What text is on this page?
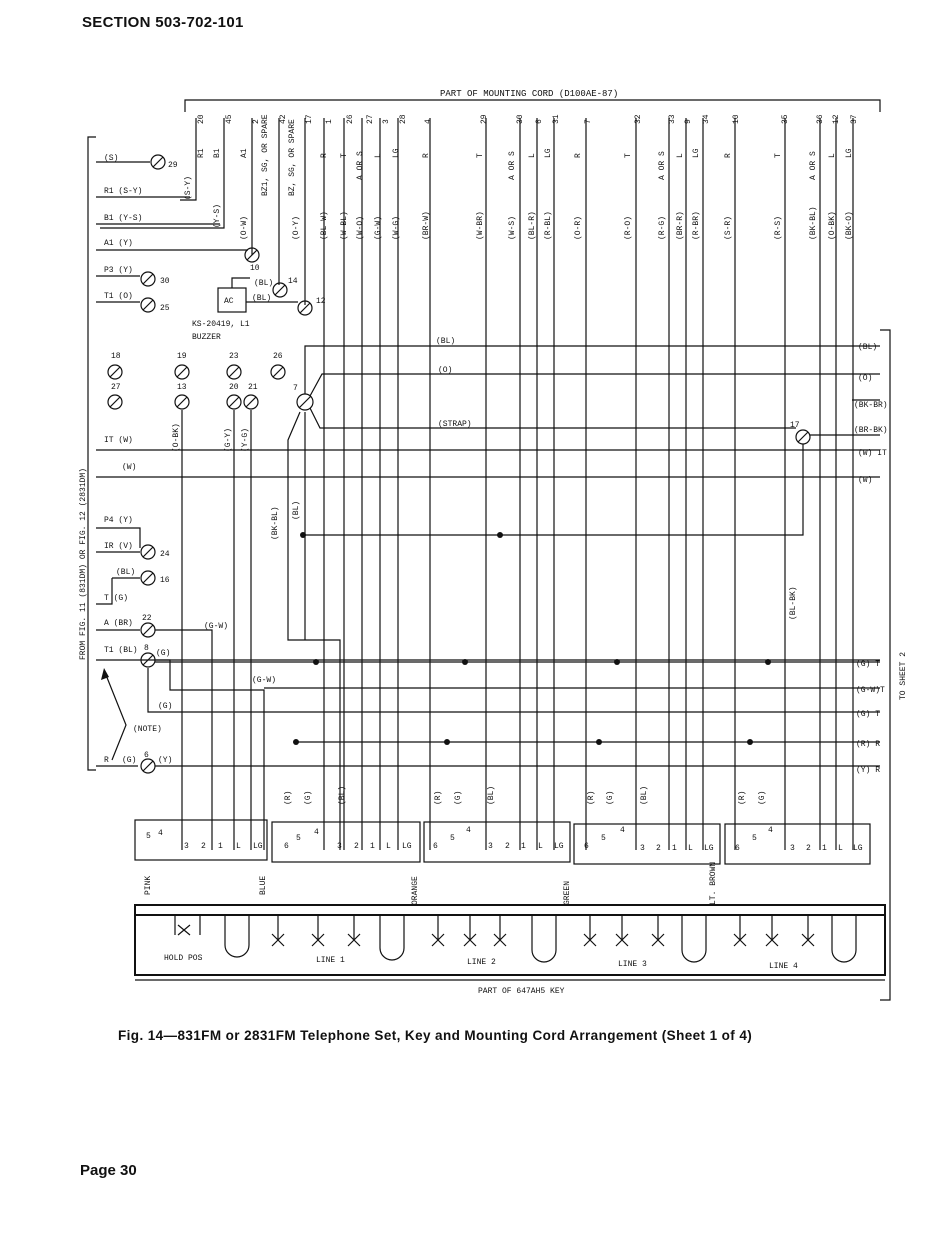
SECTION 503-702-101
PART OF MOUNTING CORD (D100AE-87)
FROM FIG. 11 (831DM) OR FIG. 12 (2831DM)
TO SHEET 2
20 45 2 42 17 1 26 27 3 28 4	29	30 6 31	7	32	33 9 34	10	35	36 12 37
R1 B1 A1 BZ1, SG, OR SPARE BZ, SG, OR SPARE	R T A OR S L LG	R	T	A OR S L LG	R	T	A OR S L LG	R	T	A OR S L LG
(S-Y)
(Y-S) (O-W)	(O-Y) (BL-W) (W-BL) (W-O) (G-W) (W-G)	(BR-W)	(W-BR)	(W-S) (BL-R) (R-BL)	(O-R)	(R-O)	(R-G) (BR-R) (R-BR)	(S-R)	(R-S)	(BK-BL) (O-BK) (BK-O)
(S)
R1 (S-Y)
B1 (Y-S)
A1 (Y)
P3 (Y)
T1 (O)
IT (W)
(W)
P4 (Y)
IR (V)
(BL)
T (G)
A (BR)
T1 (BL)
R (G)
29
10
30
25
14
12
18	19	23	26
27	13	20 21	7
24
16
22
8
6
17
AC
(BL)
(BL)
KS-20419, L1
BUZZER	(BL)
(BL)
(O)
(O)
(BK-BR)
(STRAP)
(BR-BK)
(W) IT
(W)
(BL-BK)
(O-BK)	(G-Y) (Y-G)
(BK-BL) (BL)
(G-W)
(G-W)
(G)
(G)
(Y)
(G) T
(G-W)T
(G) T
(R) R
(Y) R
(NOTE)
(R) (G)	(BL)	(R) (G)	(BL)	(R) (G)	(BL)	(R) (G)
5 4
3 2 1 L LG	6
5
4
3 2 1 L LG	6
5
4
3 2 1 L LG	6
5
4
3 2 1 L LG	6
5
4
3 2 1 L LG
PINK	BLUE	ORANGE	GREEN	LT. BROWN
HOLD POS	LINE 1	LINE 2	LINE 3	LINE 4
PART OF 647AH5 KEY
Fig. 14—831FM or 2831FM Telephone Set, Key and Mounting Cord Arrangement (Sheet 1 of 4)
Page 30
